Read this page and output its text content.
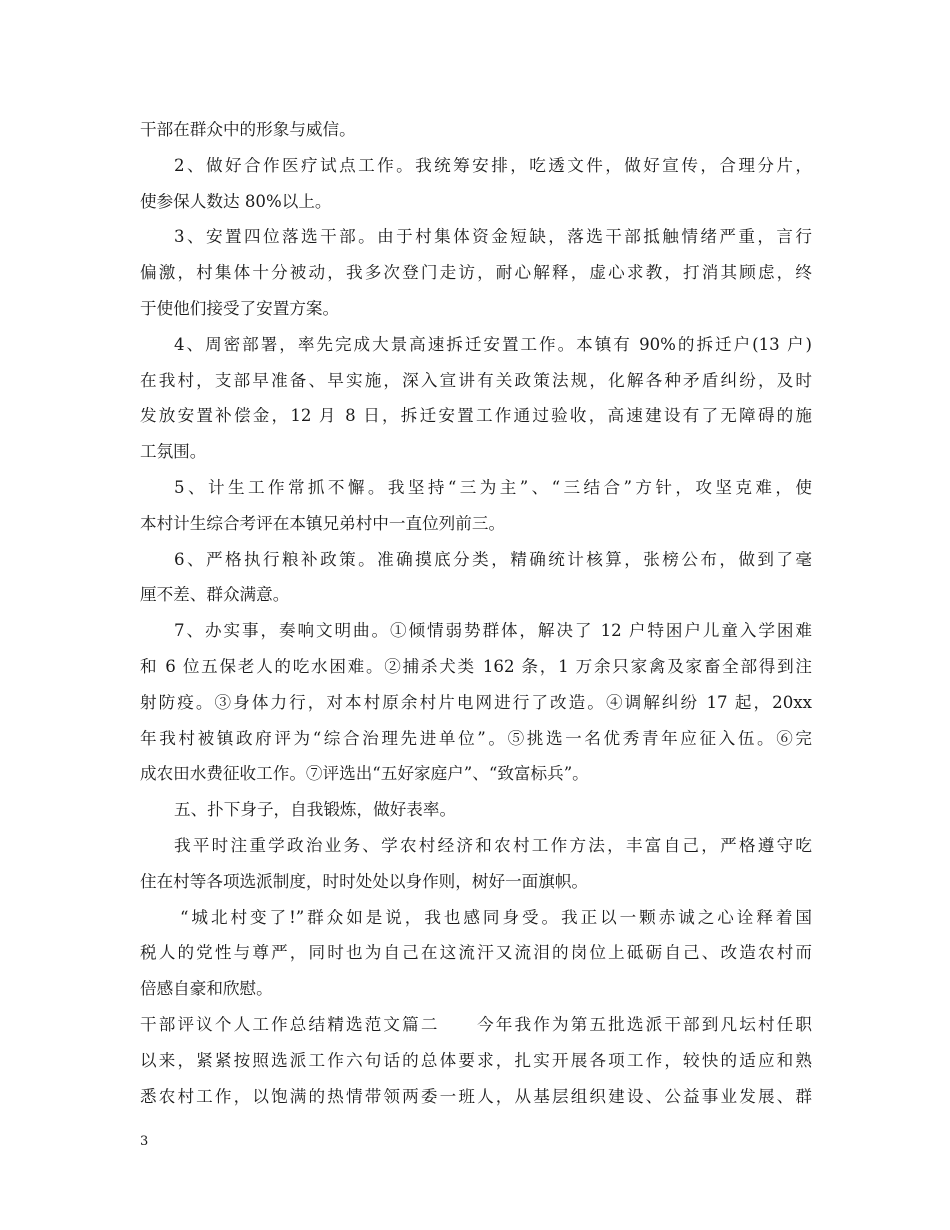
干部在群众中的形象与威信。
2、做好合作医疗试点工作。我统筹安排，吃透文件，做好宣传，合理分片，
使参保人数达 80%以上。
3、安置四位落选干部。由于村集体资金短缺，落选干部抵触情绪严重，言行
偏激，村集体十分被动，我多次登门走访，耐心解释，虚心求教，打消其顾虑，终
于使他们接受了安置方案。
4、周密部署，率先完成大景高速拆迁安置工作。本镇有 90%的拆迁户(13 户)
在我村，支部早准备、早实施，深入宣讲有关政策法规，化解各种矛盾纠纷，及时
发放安置补偿金，12 月 8 日，拆迁安置工作通过验收，高速建设有了无障碍的施
工氛围。
5、计生工作常抓不懈。我坚持“三为主”、“三结合”方针，攻坚克难，使
本村计生综合考评在本镇兄弟村中一直位列前三。
6、严格执行粮补政策。准确摸底分类，精确统计核算，张榜公布，做到了毫
厘不差、群众满意。
7、办实事，奏响文明曲。①倾情弱势群体，解决了 12 户特困户儿童入学困难
和 6 位五保老人的吃水困难。②捕杀犬类 162 条，1 万余只家禽及家畜全部得到注
射防疫。③身体力行，对本村原余村片电网进行了改造。④调解纠纷 17 起，20xx
年我村被镇政府评为“综合治理先进单位”。⑤挑选一名优秀青年应征入伍。⑥完
成农田水费征收工作。⑦评选出“五好家庭户”、“致富标兵”。
五、扑下身子，自我锻炼，做好表率。
我平时注重学政治业务、学农村经济和农村工作方法，丰富自己，严格遵守吃
住在村等各项选派制度，时时处处以身作则，树好一面旗帜。
“城北村变了!”群众如是说，我也感同身受。我正以一颗赤诚之心诠释着国
税人的党性与尊严，同时也为自己在这流汗又流泪的岗位上砥砺自己、改造农村而
倍感自豪和欣慰。
干部评议个人工作总结精选范文篇二　　今年我作为第五批选派干部到凡坛村任职
以来，紧紧按照选派工作六句话的总体要求，扎实开展各项工作，较快的适应和熟
悉农村工作，以饱满的热情带领两委一班人，从基层组织建设、公益事业发展、群
3
